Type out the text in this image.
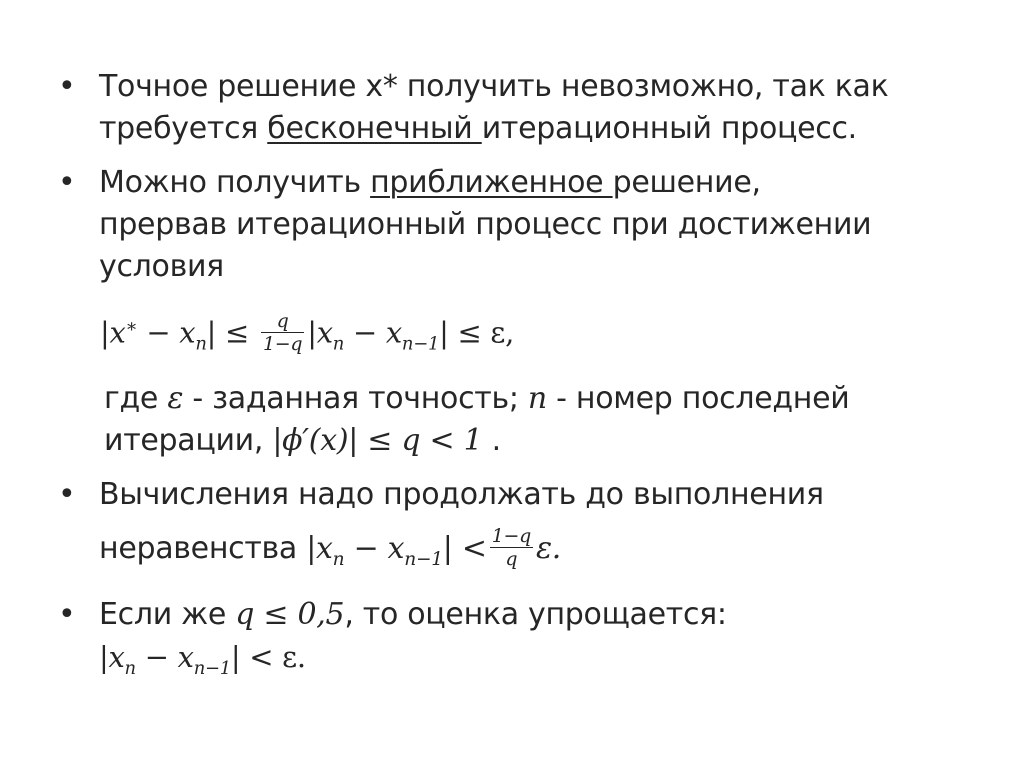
• Точное решение x* получить невозможно, так как
требуется бесконечный итерационный процесс.
• Можно получить приближенное решение,
прервав итерационный процесс при достижении
условия
$|x^∗ - x_n| \le \frac{q}{1-q} |x_n - x_{n-1}| \le \varepsilon$,
где ε - заданная точность; n - номер последней
итерации, |ϕ′(x)| ≤ q < 1 .
• Вычисления надо продолжать до выполнения
неравенства $|x_n - x_{n-1}| < \frac{1-q}{q} \varepsilon$.
• Если же q ≤ 0,5, то оценка упрощается:
$|x_n - x_{n-1}| < \varepsilon$.
